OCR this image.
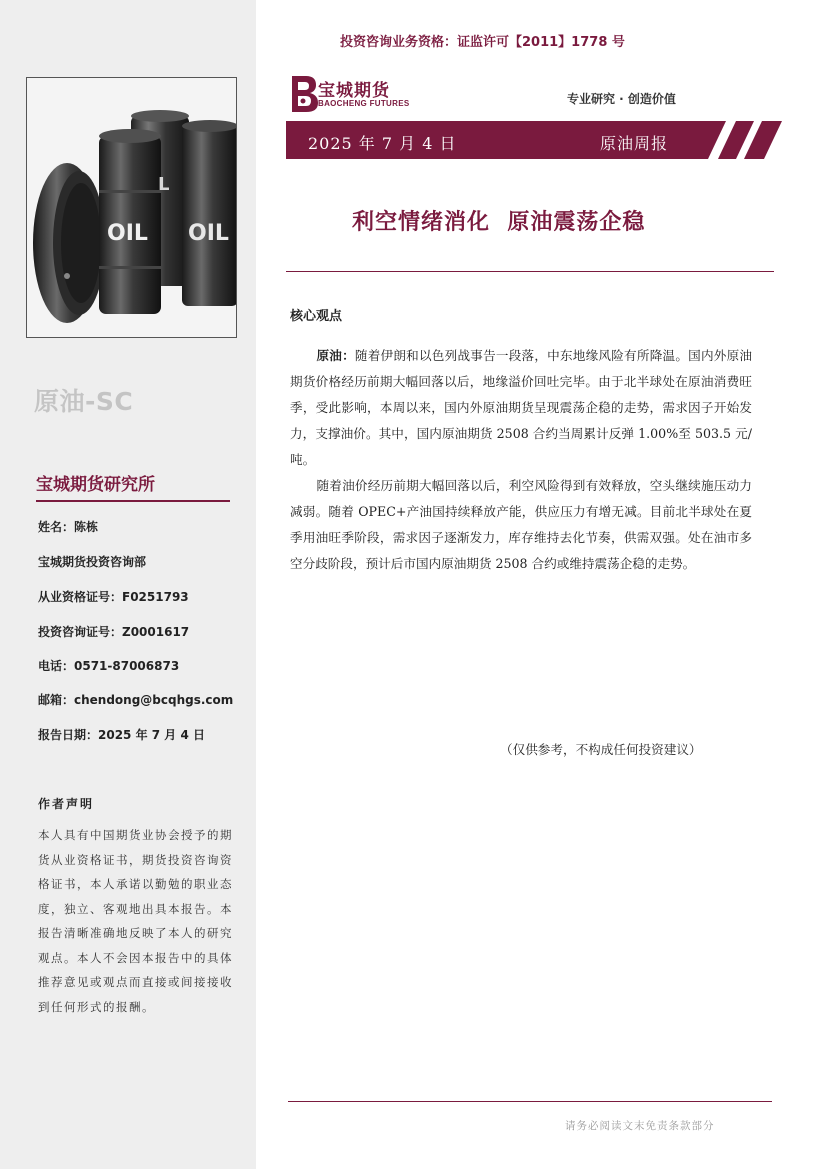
OIL OIL
L
原油-SC
宝城期货研究所
姓名：陈栋
宝城期货投资咨询部
从业资格证号：F0251793
投资咨询证号：Z0001617
电话：0571-87006873
邮箱：chendong@bcqhgs.com
报告日期：2025 年 7 月 4 日
作者声明
本人具有中国期货业协会授予的期货从业资格证书，期货投资咨询资格证书，本人承诺以勤勉的职业态度，独立、客观地出具本报告。本报告清晰准确地反映了本人的研究观点。本人不会因本报告中的具体推荐意见或观点而直接或间接接收到任何形式的报酬。
投资咨询业务资格：证监许可【2011】1778 号
宝城期货
BAOCHENG FUTURES	专业研究 · 创造价值
2025 年 7 月 4 日	原油周报
利空情绪消化  原油震荡企稳
核心观点

原油：随着伊朗和以色列战事告一段落，中东地缘风险有所降温。国内外原油期货价格经历前期大幅回落以后，地缘溢价回吐完毕。由于北半球处在原油消费旺季，受此影响，本周以来，国内外原油期货呈现震荡企稳的走势，需求因子开始发力，支撑油价。其中，国内原油期货 2508 合约当周累计反弹 1.00%至 503.5 元/吨。

随着油价经历前期大幅回落以后，利空风险得到有效释放，空头继续施压动力减弱。随着 OPEC+产油国持续释放产能，供应压力有增无减。目前北半球处在夏季用油旺季阶段，需求因子逐渐发力，库存维持去化节奏，供需双强。处在油市多空分歧阶段，预计后市国内原油期货 2508 合约或维持震荡企稳的走势。

（仅供参考，不构成任何投资建议）
请务必阅读文末免责条款部分
